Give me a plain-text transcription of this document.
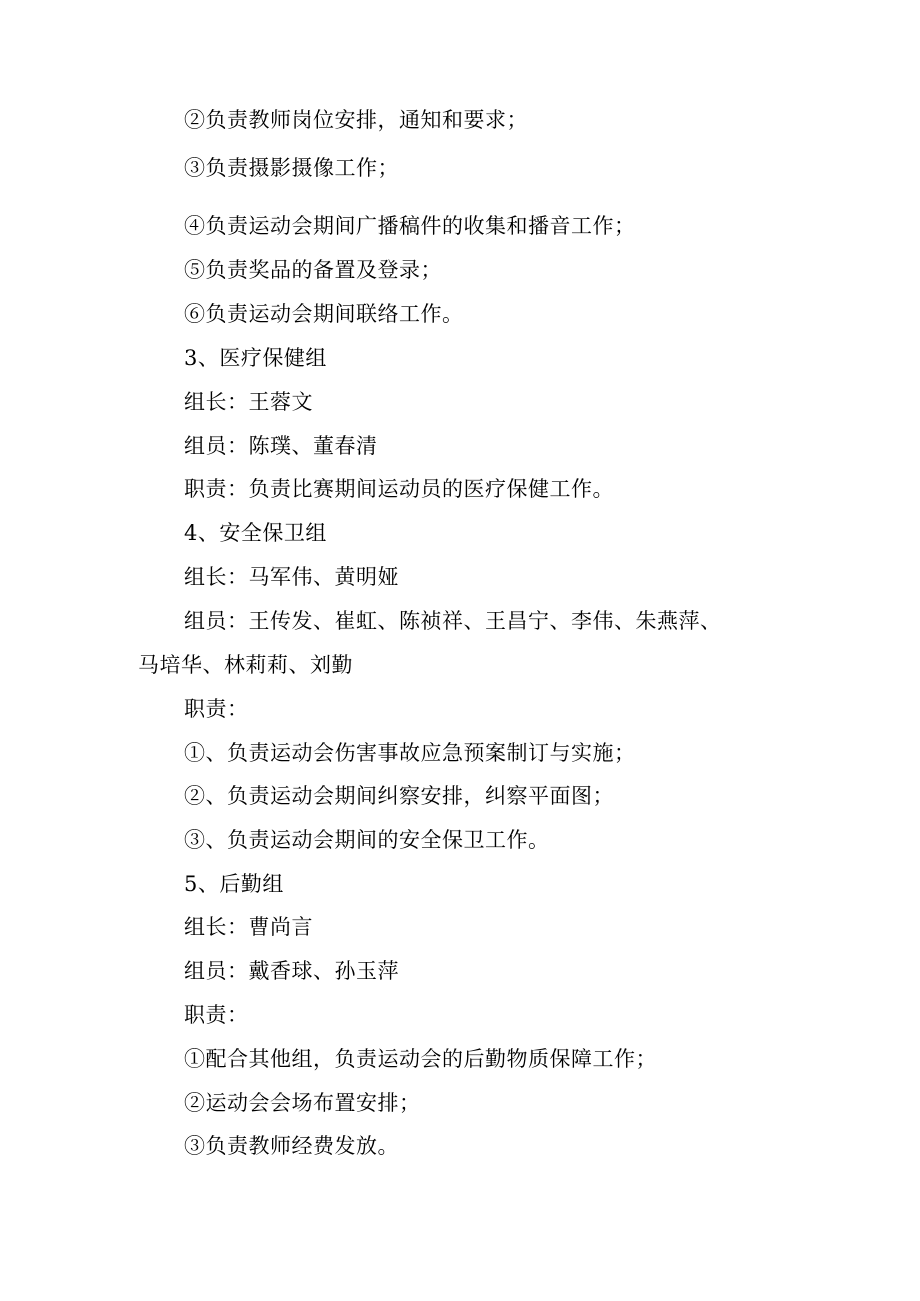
②负责教师岗位安排，通知和要求；
③负责摄影摄像工作；
④负责运动会期间广播稿件的收集和播音工作；
⑤负责奖品的备置及登录；
⑥负责运动会期间联络工作。
3、医疗保健组
组长：王蓉文
组员：陈璞、董春清
职责：负责比赛期间运动员的医疗保健工作。
4、安全保卫组
组长：马军伟、黄明娅
组员：王传发、崔虹、陈祯祥、王昌宁、李伟、朱燕萍、
马培华、林莉莉、刘勤
职责：
①、负责运动会伤害事故应急预案制订与实施；
②、负责运动会期间纠察安排，纠察平面图；
③、负责运动会期间的安全保卫工作。
5、后勤组
组长：曹尚言
组员：戴香球、孙玉萍
职责：
①配合其他组，负责运动会的后勤物质保障工作；
②运动会会场布置安排；
③负责教师经费发放。
